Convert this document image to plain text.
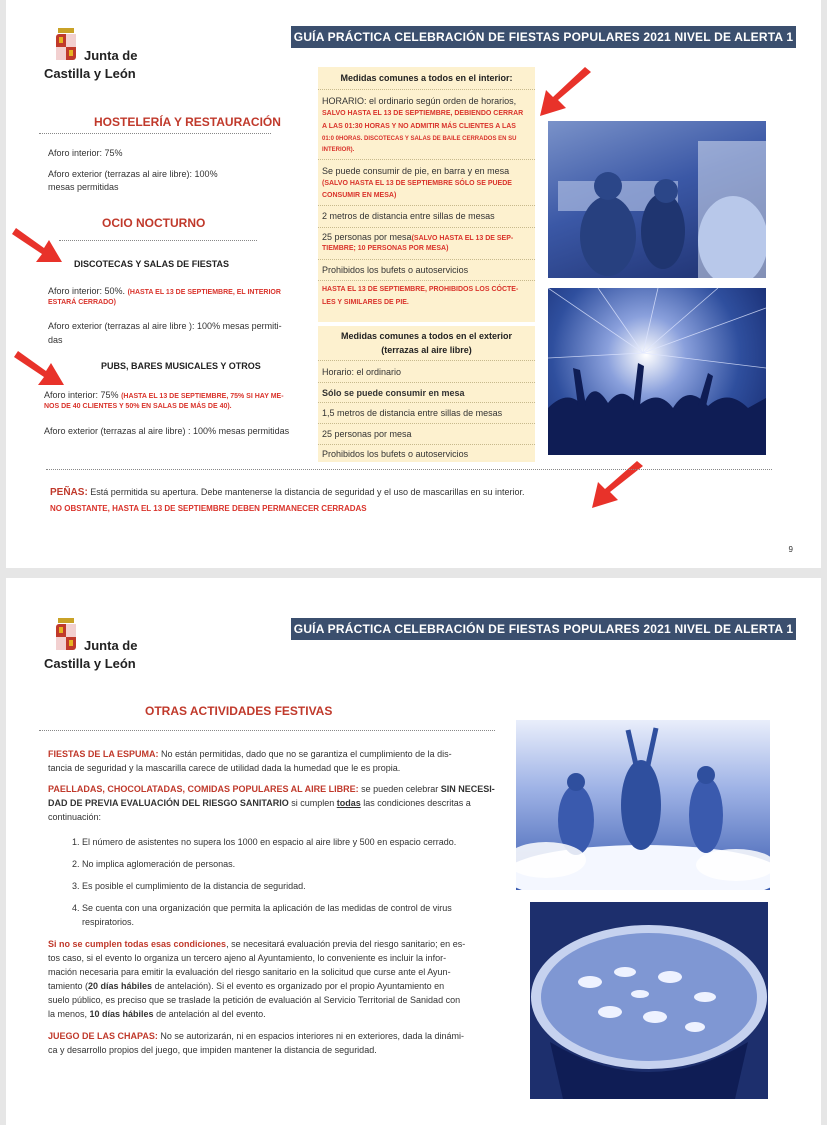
GUÍA PRÁCTICA CELEBRACIÓN DE FIESTAS POPULARES 2021 NIVEL DE ALERTA 1
Junta de
Castilla y León
HOSTELERÍA Y RESTAURACIÓN
Aforo interior: 75%
Aforo exterior (terrazas al aire libre): 100%
mesas permitidas
OCIO NOCTURNO
DISCOTECAS Y SALAS DE FIESTAS
Aforo interior: 50%. (HASTA EL 13 DE SEPTIEMBRE, EL INTERIOR
ESTARÁ CERRADO)
Aforo exterior (terrazas al aire libre ): 100% mesas permiti-
das
PUBS, BARES MUSICALES Y OTROS
Aforo interior: 75% (HASTA EL 13 DE SEPTIEMBRE, 75% SI HAY ME-
NOS DE 40 CLIENTES Y 50% EN SALAS DE MÁS DE 40).
Aforo exterior (terrazas al aire libre) : 100% mesas permitidas
Medidas comunes a todos en el interior:
HORARIO: el ordinario según orden de horarios,
SALVO HASTA EL 13 DE SEPTIEMBRE, DEBIENDO CERRAR
A LAS 01:30 HORAS Y NO ADMITIR MÁS CLIENTES A LAS
01:0 0HORAS. DISCOTECAS Y SALAS DE BAILE CERRADOS EN SU
INTERIOR).
Se puede consumir de pie, en barra y en mesa
(SALVO HASTA EL 13 DE SEPTIEMBRE SÓLO SE PUEDE
CONSUMIR EN MESA)
2 metros de distancia entre sillas de mesas
25 personas por mesa(SALVO HASTA EL 13 DE SEP-
TIEMBRE; 10 PERSONAS POR MESA)
Prohibidos los bufets o autoservicios
HASTA EL 13 DE SEPTIEMBRE, PROHIBIDOS LOS CÓCTE-
LES Y SIMILARES DE PIE.
Medidas comunes a todos en el exterior
(terrazas al aire libre)
Horario: el ordinario
Sólo se puede consumir en mesa
1,5 metros de distancia entre sillas de mesas
25 personas por mesa
Prohibidos los bufets o autoservicios
PEÑAS: Está permitida su apertura. Debe mantenerse la distancia de seguridad y el uso de mascarillas en su interior.
NO OBSTANTE, HASTA EL 13 DE SEPTIEMBRE DEBEN PERMANECER CERRADAS
9
GUÍA PRÁCTICA CELEBRACIÓN DE FIESTAS POPULARES 2021 NIVEL DE ALERTA 1
Junta de
Castilla y León
OTRAS ACTIVIDADES FESTIVAS
FIESTAS DE LA ESPUMA: No están permitidas, dado que no se garantiza el cumplimiento de la dis-
tancia de seguridad y la mascarilla carece de utilidad dada la humedad que le es propia.
PAELLADAS, CHOCOLATADAS, COMIDAS POPULARES AL AIRE LIBRE: se pueden celebrar SIN NECESI-
DAD DE PREVIA EVALUACIÓN DEL RIESGO SANITARIO si cumplen todas las condiciones descritas a
continuación:
1. El número de asistentes no supera los 1000 en espacio al aire libre y 500 en espacio cerrado.
2. No implica aglomeración de personas.
3. Es posible el cumplimiento de la distancia de seguridad.
4. Se cuenta con una organización que permita la aplicación de las medidas de control de virus
respiratorios.
Si no se cumplen todas esas condiciones, se necesitará evaluación previa del riesgo sanitario; en es-
tos caso, si el evento lo organiza un tercero ajeno al Ayuntamiento, lo conveniente es incluir la infor-
mación necesaria para emitir la evaluación del riesgo sanitario en la solicitud que curse ante el Ayun-
tamiento (20 días hábiles de antelación). Si el evento es organizado por el propio Ayuntamiento en
suelo público, es preciso que se traslade la petición de evaluación al Servicio Territorial de Sanidad con
la menos, 10 días hábiles de antelación al del evento.
JUEGO DE LAS CHAPAS: No se autorizarán, ni en espacios interiores ni en exteriores, dada la dinámi-
ca y desarrollo propios del juego, que impiden mantener la distancia de seguridad.
